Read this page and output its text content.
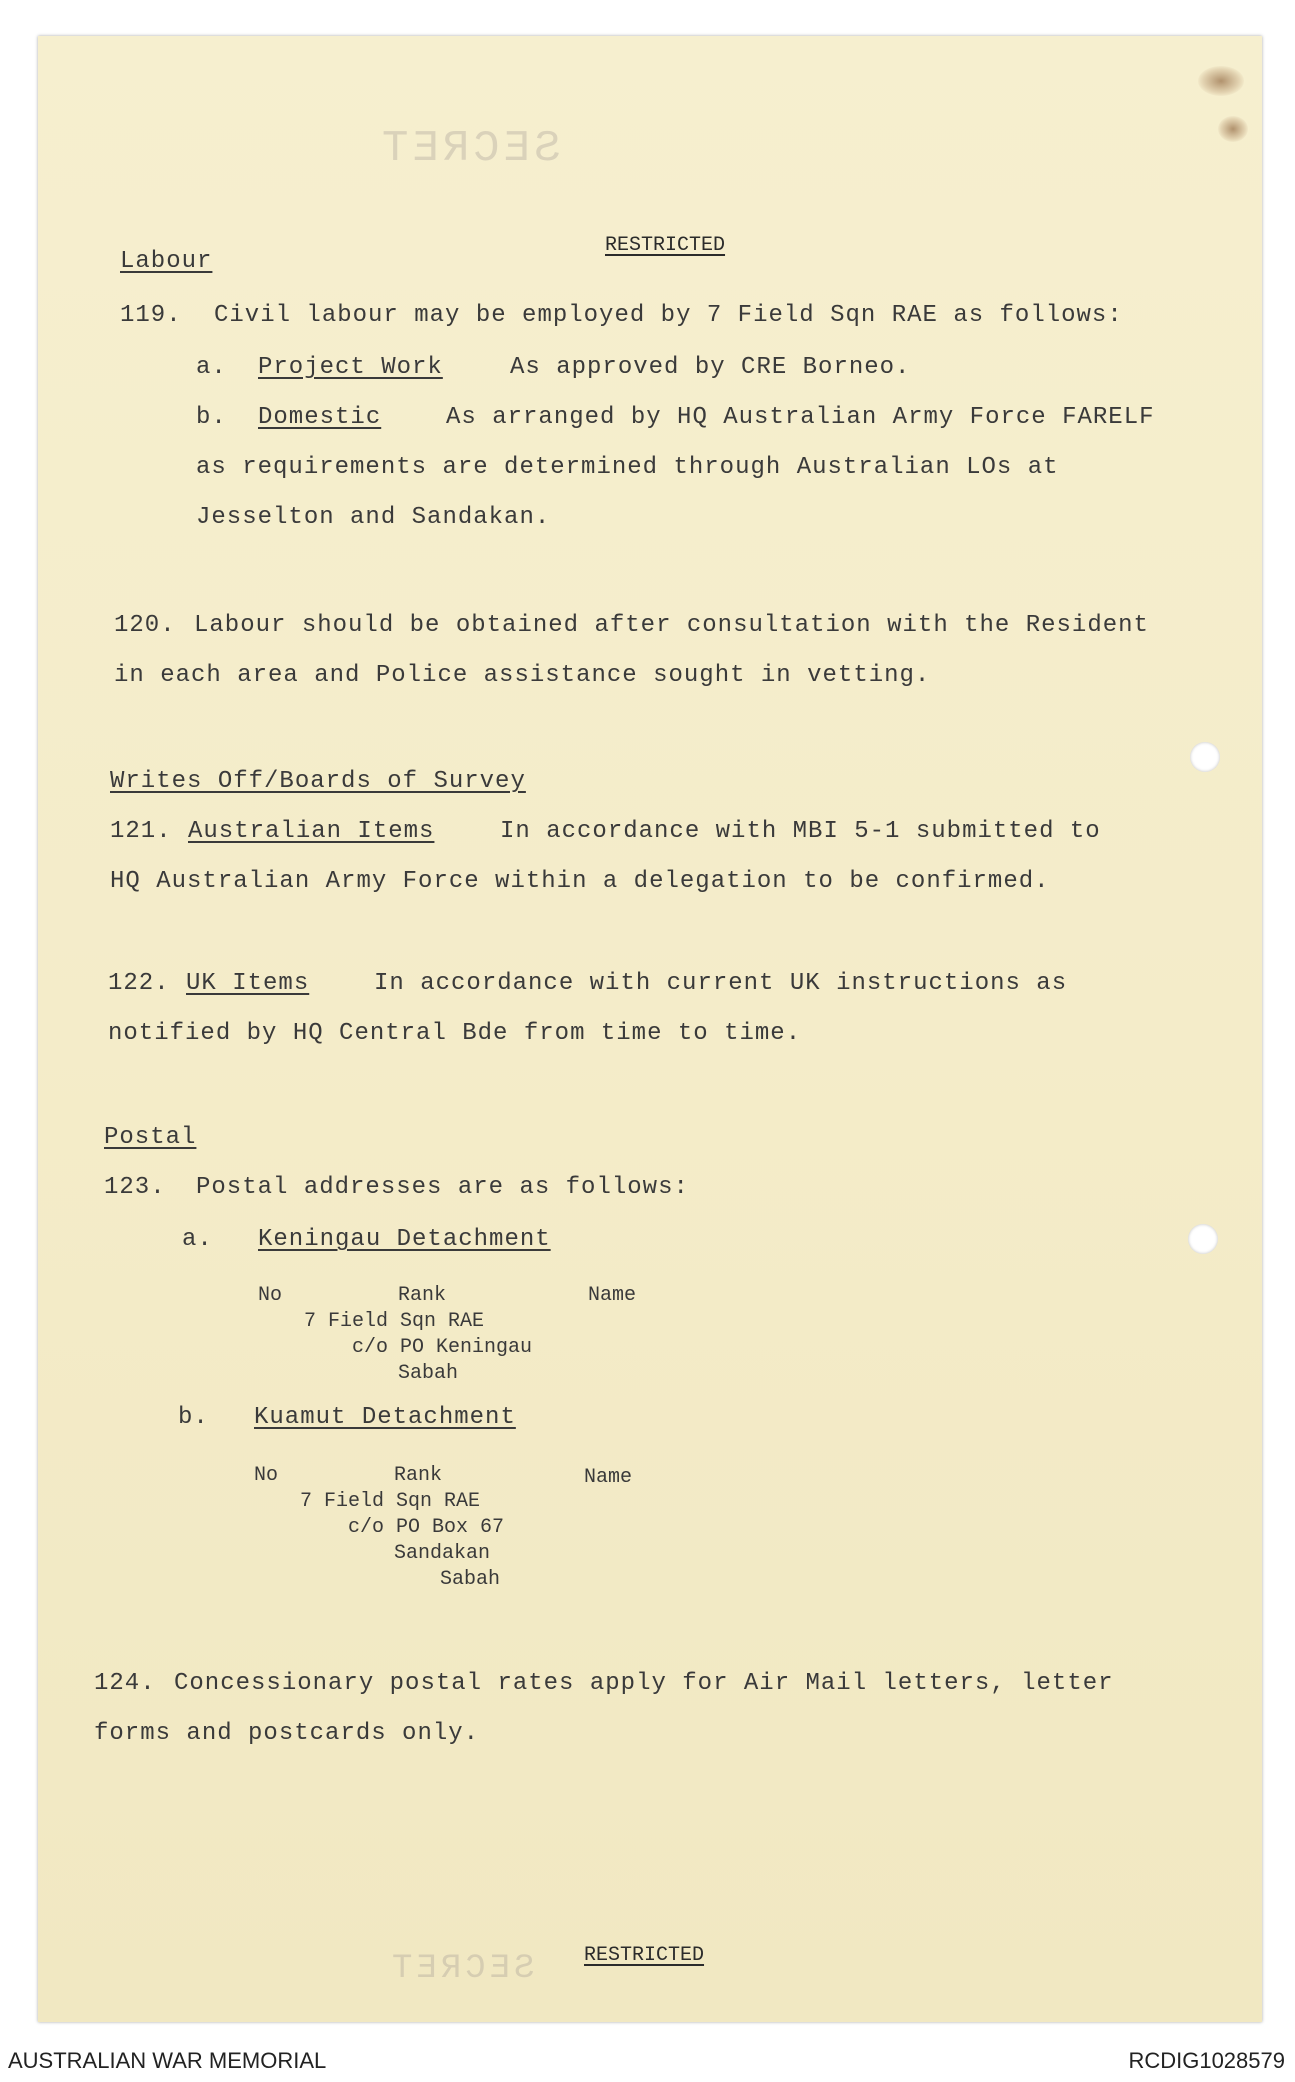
SECRET
SECRET
RESTRICTED
Labour
119. Civil labour may be employed by 7 Field Sqn RAE as follows:
a. Project Work	As approved by CRE Borneo.
b. Domestic	As arranged by HQ Australian Army Force FARELF
as requirements are determined through Australian LOs at
Jesselton and Sandakan.
120. Labour should be obtained after consultation with the Resident
in each area and Police assistance sought in vetting.
Writes Off/Boards of Survey
121. Australian Items	In accordance with MBI 5-1 submitted to
HQ Australian Army Force within a delegation to be confirmed.
122. UK Items	In accordance with current UK instructions as
notified by HQ Central Bde from time to time.
Postal
123. Postal addresses are as follows:
a. Keningau Detachment
No	Rank	Name
7 Field Sqn RAE
c/o PO Keningau
Sabah
b. Kuamut Detachment
No	Rank	Name
7 Field Sqn RAE
c/o PO Box 67
Sandakan
Sabah
124. Concessionary postal rates apply for Air Mail letters, letter
forms and postcards only.
RESTRICTED
AUSTRALIAN WAR MEMORIAL	RCDIG1028579
